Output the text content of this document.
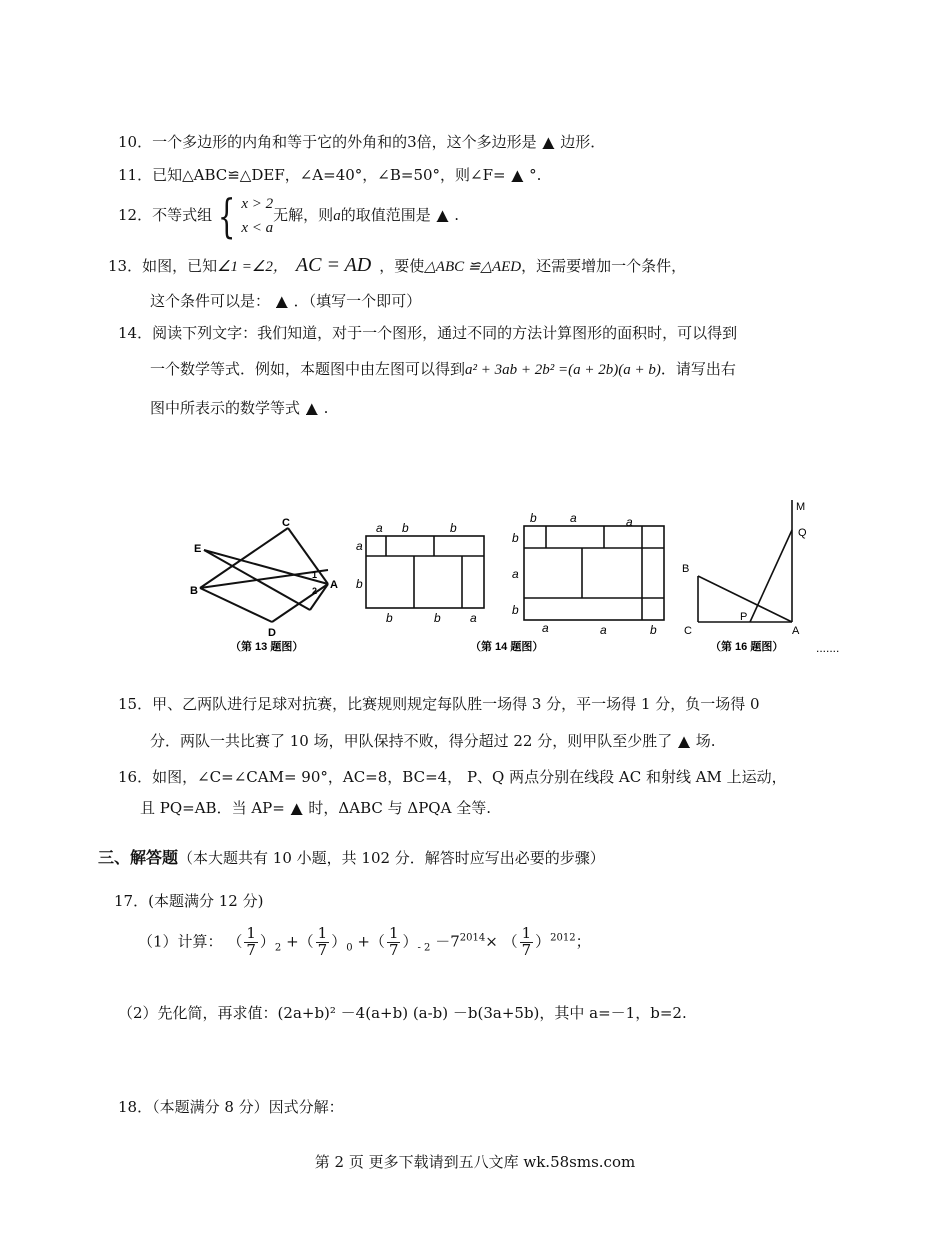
10．一个多边形的内角和等于它的外角和的3倍，这个多边形是 ▲ 边形．
11．已知△ABC≌△DEF，∠A=40°，∠B=50°，则∠F= ▲ °.
12．不等式组 { x > 2
x < a
无解，则a的取值范围是 ▲ .
13．如图，已知∠1 =∠2， AC = AD ，要使△ABC ≌△AED，还需要增加一个条件，
这个条件可以是： ▲ ．（填写一个即可）
14．阅读下列文字：我们知道，对于一个图形，通过不同的方法计算图形的面积时，可以得到
一个数学等式．例如，本题图中由左图可以得到a² + 3ab + 2b² =(a + 2b)(a + b)．请写出右
图中所表示的数学等式 ▲ .
C
E
B
1
2 A
D
（第 13 题图）
a b	b
a
b
b	b a
b	a	a
b
a
b
a	a	b
（第 14 题图）
M
Q
B
P
C	A
（第 16 题图）	.......
15．甲、乙两队进行足球对抗赛，比赛规则规定每队胜一场得 3 分，平一场得 1 分，负一场得 0
分．两队一共比赛了 10 场，甲队保持不败，得分超过 22 分，则甲队至少胜了 ▲ 场.
16．如图，∠C=∠CAM= 90°，AC=8，BC=4， P、Q 两点分别在线段 AC 和射线 AM 上运动，
且 PQ=AB．当 AP= ▲ 时，ΔABC 与 ΔPQA 全等.
三、解答题（本大题共有 10 小题，共 102 分．解答时应写出必要的步骤）
17．(本题满分 12 分)
（1）计算： （ $\frac{1}{7} )_2$ +（ $\frac{1}{7} )_0$ +（ $\frac{1}{7} )_{- 2} -7^{2014}\times$ （ $\frac{1}{7} )^{2012}$；
（2）先化简，再求值：(2a+b)² －4(a+b) (a-b) －b(3a+5b)，其中 a=－1，b=2.
18．（本题满分 8 分）因式分解：
第 2 页 更多下载请到五八文库 wk.58sms.com
